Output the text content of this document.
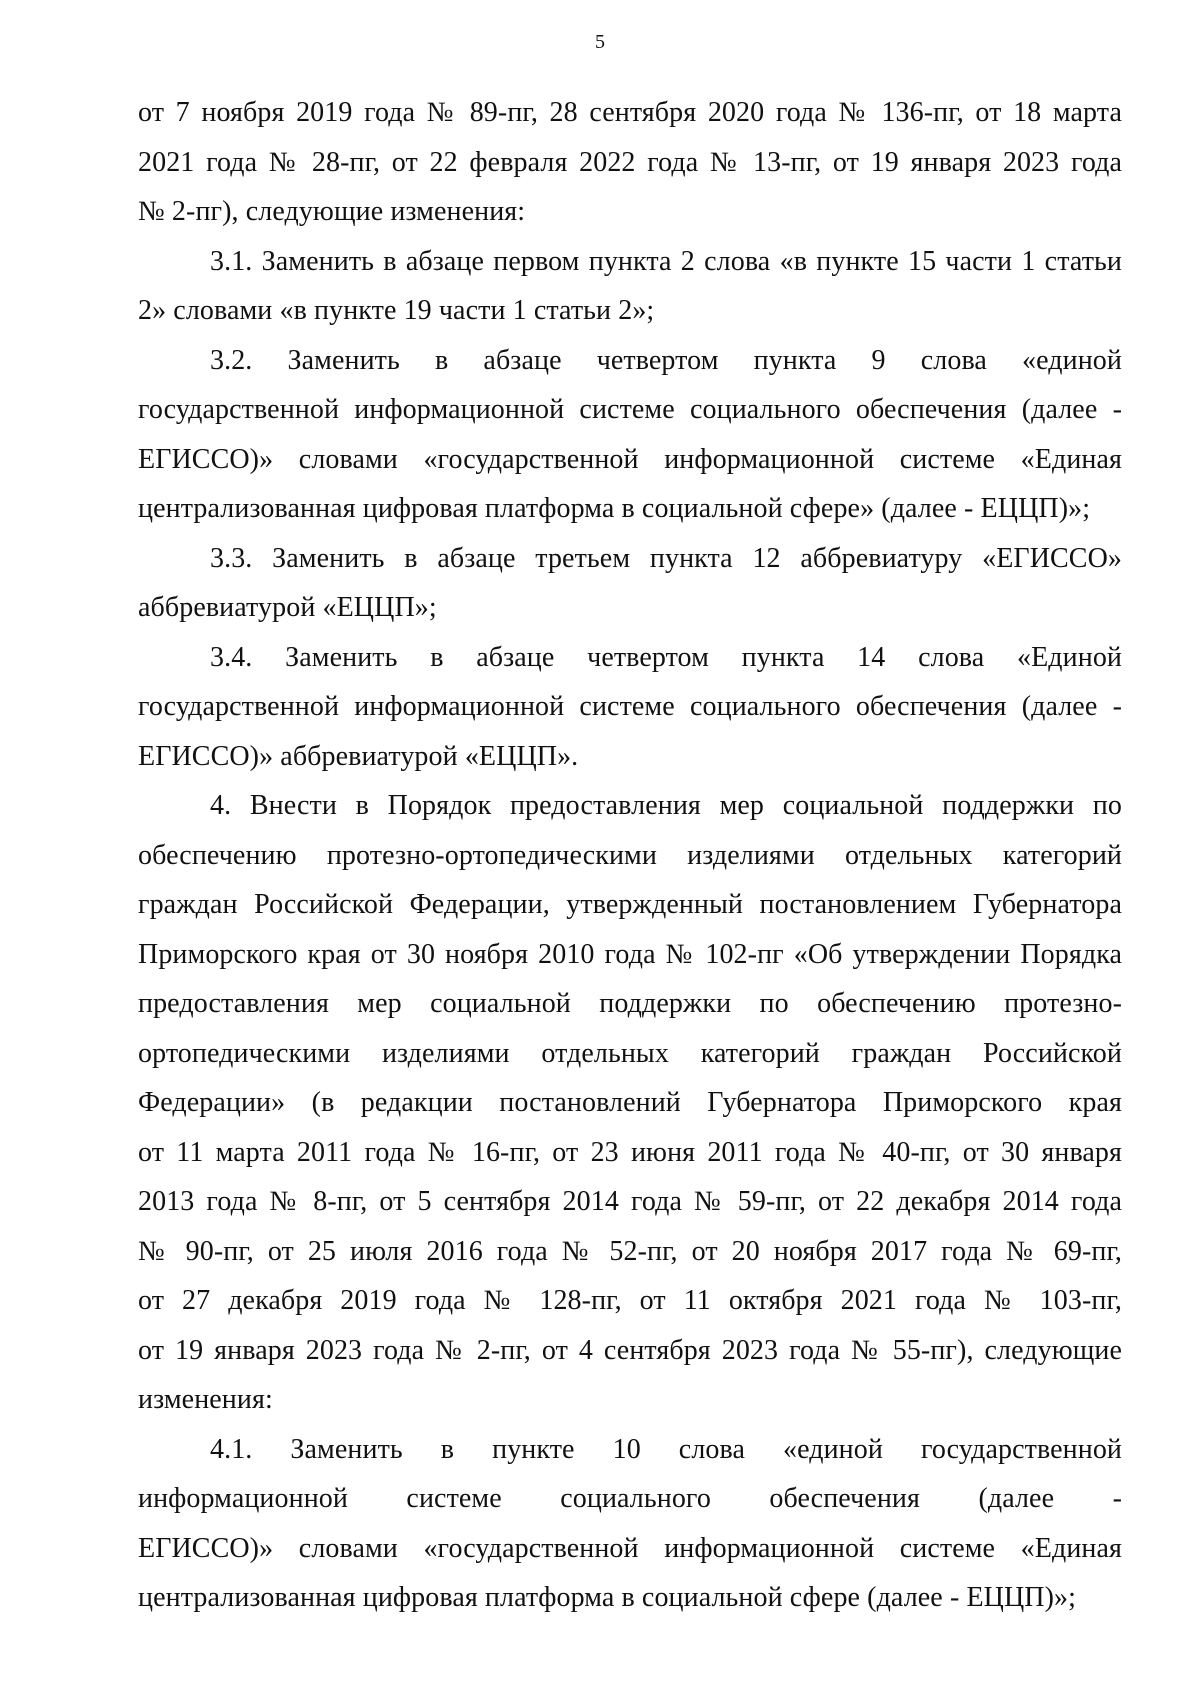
5

от 7 ноября 2019 года № 89-пг, 28 сентября 2020 года № 136-пг, от 18 марта
2021 года № 28-пг, от 22 февраля 2022 года № 13-пг, от 19 января 2023 года
№ 2-пг), следующие изменения:

3.1. Заменить в абзаце первом пункта 2 слова «в пункте 15 части 1 статьи
2» словами «в пункте 19 части 1 статьи 2»;

3.2. Заменить в абзаце четвертом пункта 9 слова «единой
государственной информационной системе социального обеспечения (далее -
ЕГИССО)» словами «государственной информационной системе «Единая
централизованная цифровая платформа в социальной сфере» (далее - ЕЦЦП)»;

3.3. Заменить в абзаце третьем пункта 12 аббревиатуру «ЕГИССО»
аббревиатурой «ЕЦЦП»;

3.4. Заменить в абзаце четвертом пункта 14 слова «Единой
государственной информационной системе социального обеспечения (далее -
ЕГИССО)» аббревиатурой «ЕЦЦП».

4. Внести в Порядок предоставления мер социальной поддержки по
обеспечению протезно-ортопедическими изделиями отдельных категорий
граждан Российской Федерации, утвержденный постановлением Губернатора
Приморского края от 30 ноября 2010 года № 102-пг «Об утверждении Порядка
предоставления мер социальной поддержки по обеспечению протезно-
ортопедическими изделиями отдельных категорий граждан Российской
Федерации» (в редакции постановлений Губернатора Приморского края
от 11 марта 2011 года № 16-пг, от 23 июня 2011 года № 40-пг, от 30 января
2013 года № 8-пг, от 5 сентября 2014 года № 59-пг, от 22 декабря 2014 года
№ 90-пг, от 25 июля 2016 года № 52-пг, от 20 ноября 2017 года № 69-пг,
от 27 декабря 2019 года № 128-пг, от 11 октября 2021 года № 103-пг,
от 19 января 2023 года № 2-пг, от 4 сентября 2023 года № 55-пг), следующие
изменения:

4.1. Заменить в пункте 10 слова «единой государственной
информационной системе социального обеспечения (далее -
ЕГИССО)» словами «государственной информационной системе «Единая
централизованная цифровая платформа в социальной сфере (далее - ЕЦЦП)»;
